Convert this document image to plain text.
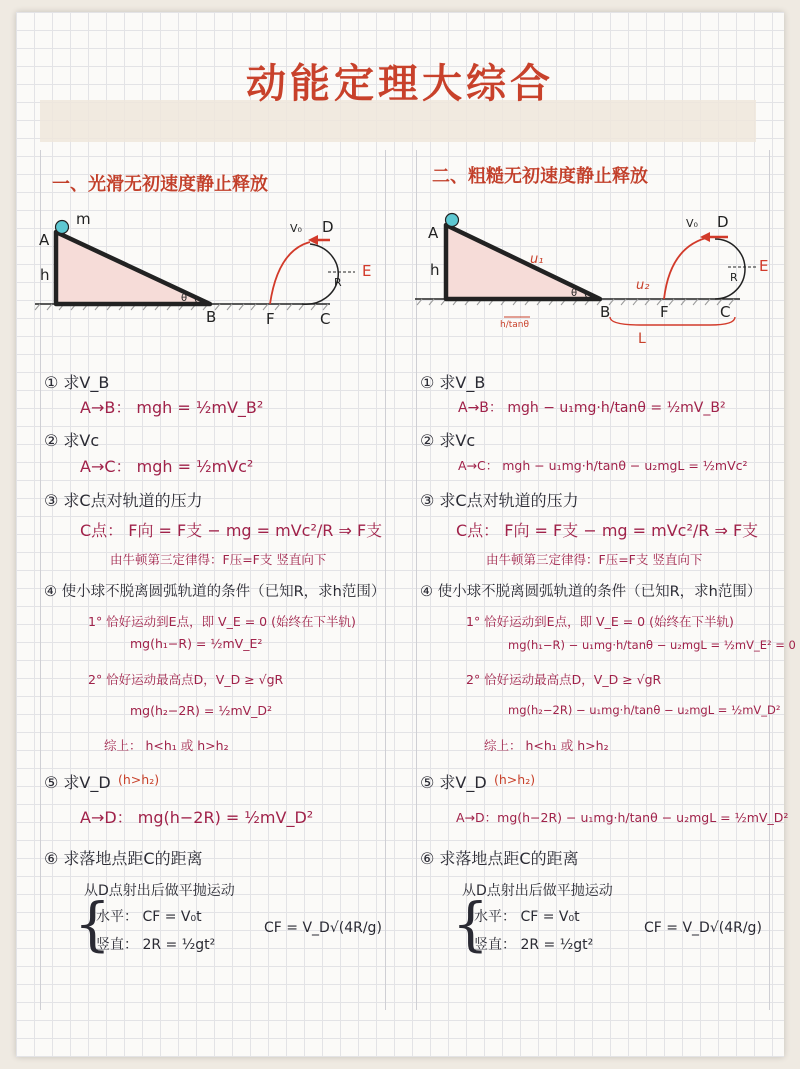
动能定理大综合
一、光滑无初速度静止释放
m
A
h
θ
B	F	C
V₀ D
E
R
① 求V_B
A→B： mgh = ½mV_B²
② 求Vc
A→C： mgh = ½mVc²
③ 求C点对轨道的压力
C点： F向 = F支 − mg = mVc²/R ⇒ F支
由牛顿第三定律得：F压=F支 竖直向下
④ 使小球不脱离圆弧轨道的条件（已知R，求h范围）
1° 恰好运动到E点，即 V_E = 0 (始终在下半轨)
mg(h₁−R) = ½mV_E²
2° 恰好运动最高点D，V_D ≥ √gR
mg(h₂−2R) = ½mV_D²
综上： h<h₁ 或 h>h₂
⑤ 求V_D (h>h₂)
A→D： mg(h−2R) = ½mV_D²
⑥ 求落地点距C的距离
从D点射出后做平抛运动
{
水平： CF = V₀t
竖直： 2R = ½gt²
CF = V_D√(4R/g)
二、粗糙无初速度静止释放
A
h
u₁
θ
B
u₂
F	C
h/tanθ
L
V₀ D
E
R
① 求V_B
A→B： mgh − u₁mg·h/tanθ = ½mV_B²
② 求Vc
A→C： mgh − u₁mg·h/tanθ − u₂mgL = ½mVc²
③ 求C点对轨道的压力
C点： F向 = F支 − mg = mVc²/R ⇒ F支
由牛顿第三定律得：F压=F支 竖直向下
④ 使小球不脱离圆弧轨道的条件（已知R，求h范围）
1° 恰好运动到E点，即 V_E = 0 (始终在下半轨)
mg(h₁−R) − u₁mg·h/tanθ − u₂mgL = ½mV_E² = 0
2° 恰好运动最高点D，V_D ≥ √gR
mg(h₂−2R) − u₁mg·h/tanθ − u₂mgL = ½mV_D²
综上： h<h₁ 或 h>h₂
⑤ 求V_D (h>h₂)
A→D：mg(h−2R) − u₁mg·h/tanθ − u₂mgL = ½mV_D²
⑥ 求落地点距C的距离
从D点射出后做平抛运动
{
水平： CF = V₀t
竖直： 2R = ½gt²
CF = V_D√(4R/g)
